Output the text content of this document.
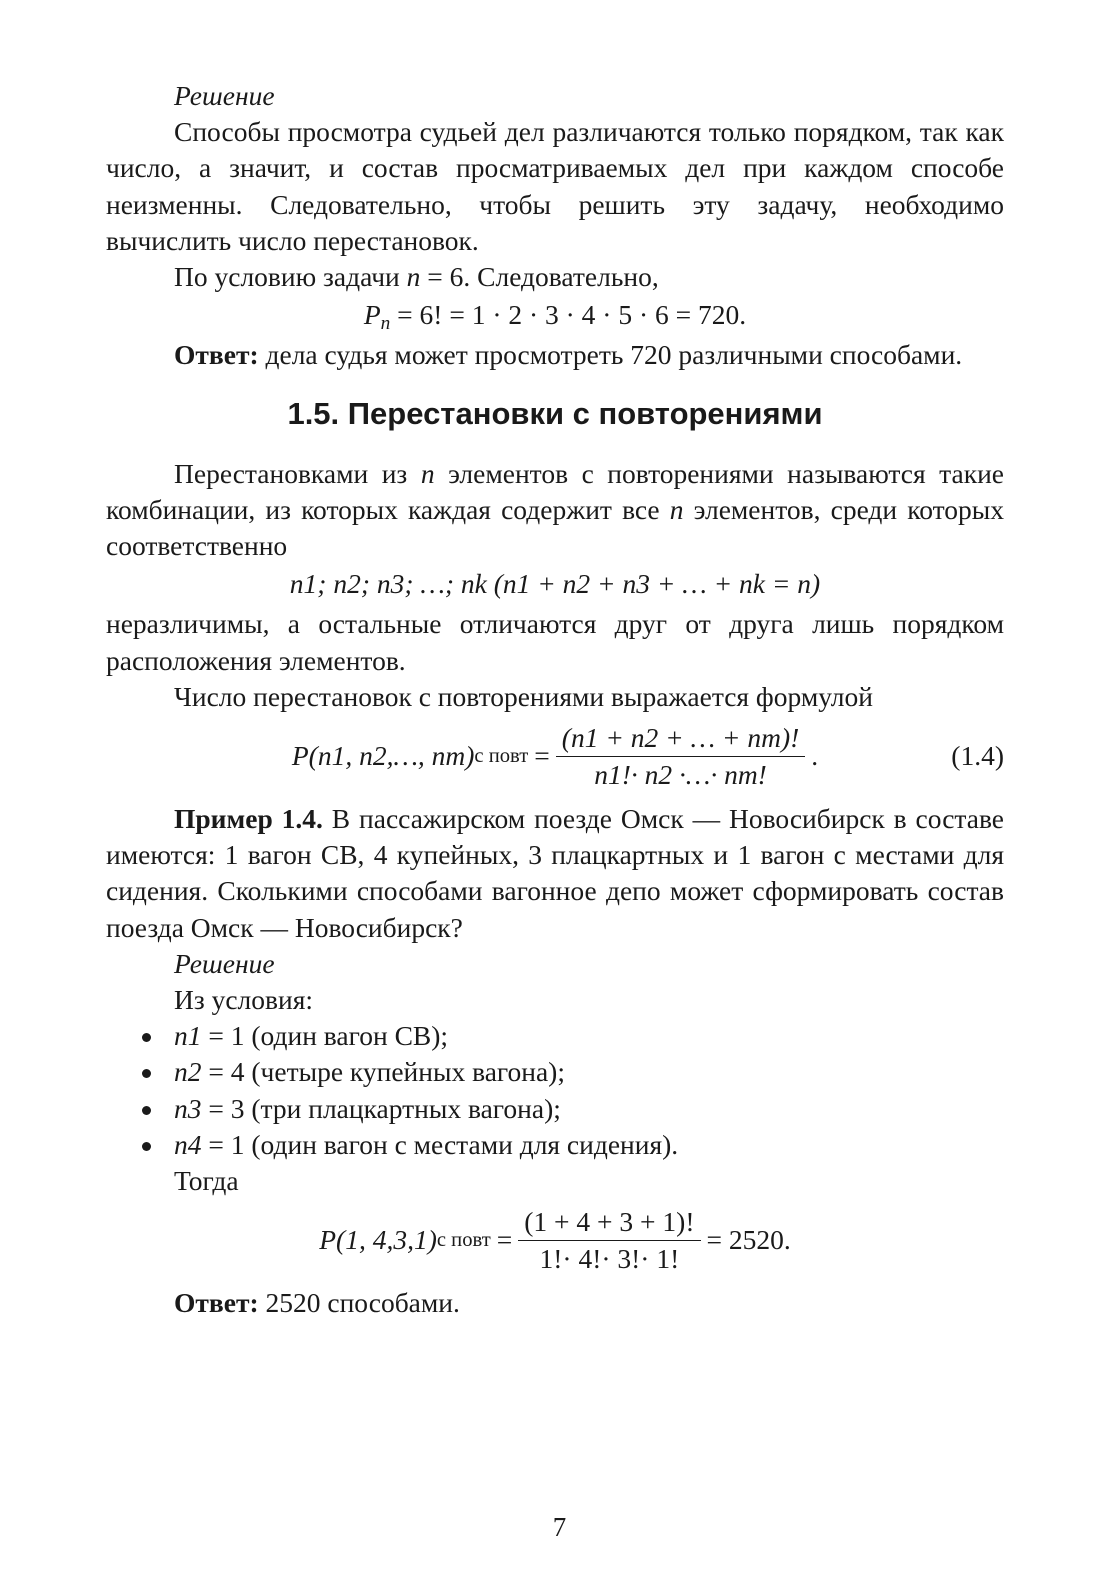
Решение

Способы просмотра судьей дел различаются только порядком, так как число, а значит, и состав просматриваемых дел при каждом способе неизменны. Следовательно, чтобы решить эту задачу, необходимо вычислить число перестановок.

По условию задачи n = 6. Следовательно,

$P_n = 6$! = 1 · 2 · 3 · 4 · 5 · 6 = 720.

Ответ: дела судья может просмотреть 720 различными способами.

1.5. Перестановки с повторениями

Перестановками из n элементов с повторениями называются такие комбинации, из которых каждая содержит все n элементов, среди которых соответственно

n1; n2; n3; …; nk (n1 + n2 + n3 + … + nk = n)

неразличимы, а остальные отличаются друг от друга лишь порядком расположения элементов.

Число перестановок с повторениями выражается формулой

P(n1, n2,…, nm) с повт = $\frac{(n1 + n2 + \dots + nm)!}{n1!\cdot n2 \cdot\dots\cdot nm!}$ .	(1.4)

Пример 1.4. В пассажирском поезде Омск — Новосибирск в составе имеются: 1 вагон СВ, 4 купейных, 3 плацкартных и 1 вагон с местами для сидения. Сколькими способами вагонное депо может сформировать состав поезда Омск — Новосибирск?

Решение

Из условия:

n1 = 1 (один вагон СВ);
n2 = 4 (четыре купейных вагона);
n3 = 3 (три плацкартных вагона);
n4 = 1 (один вагон с местами для сидения).

Тогда

P(1, 4,3,1) с повт = $\frac{(1 + 4 + 3 + 1)!}{1!\cdot 4!\cdot 3!\cdot 1!} = 2520$.

Ответ: 2520 способами.

7
